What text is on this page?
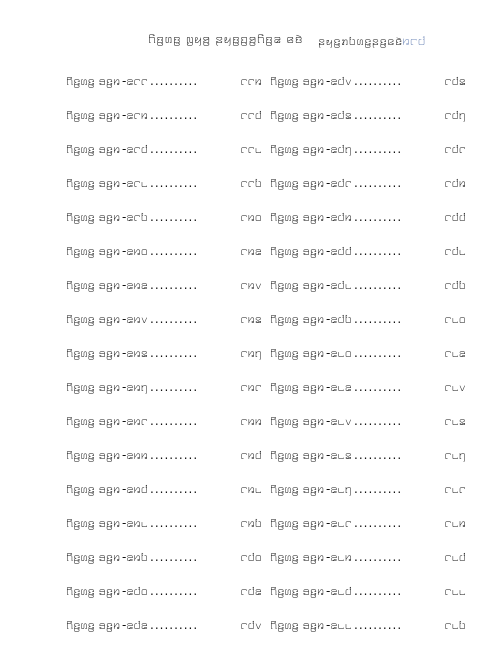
ꤖꤢ꤬ꤛꤢ꤭ ꤜꤟꤤ꤬ ꤔꤟꤢ꤭ꤑꤤ꤬ꤖꤢ꤬ꤘ ꤕꤢꤧ ꤔꤟꤢ꤭ꤊꤝꤛꤢ꤭ꤔꤢ꤬ꤕꤢꤧ ꤆꤅꤇
ꤖꤢ꤬ꤛꤢ꤭ ꤋꤢ꤬ꤙ -꤁꤅꤅ ..........	꤅꤅꤆
ꤖꤢ꤬ꤛꤢ꤭ ꤋꤢ꤬ꤙ -꤁꤅꤆ ..........	꤅꤅꤇
ꤖꤢ꤬ꤛꤢ꤭ ꤋꤢ꤬ꤙ -꤁꤅꤇ ..........	꤅꤅꤈
ꤖꤢ꤬ꤛꤢ꤭ ꤋꤢ꤬ꤙ -꤁꤅꤈ ..........	꤅꤅꤉
ꤖꤢ꤬ꤛꤢ꤭ ꤋꤢ꤬ꤙ -꤁꤅꤉ ..........	꤅꤆꤀
ꤖꤢ꤬ꤛꤢ꤭ ꤋꤢ꤬ꤙ -꤁꤆꤀ ..........	꤅꤆꤁
ꤖꤢ꤬ꤛꤢ꤭ ꤋꤢ꤬ꤙ -꤁꤆꤁ ..........	꤅꤆꤂
ꤖꤢ꤬ꤛꤢ꤭ ꤋꤢ꤬ꤙ -꤁꤆꤂ ..........	꤅꤆꤃
ꤖꤢ꤬ꤛꤢ꤭ ꤋꤢ꤬ꤙ -꤁꤆꤃ ..........	꤅꤆꤄
ꤖꤢ꤬ꤛꤢ꤭ ꤋꤢ꤬ꤙ -꤁꤆꤄ ..........	꤅꤆꤅
ꤖꤢ꤬ꤛꤢ꤭ ꤋꤢ꤬ꤙ -꤁꤆꤅ ..........	꤅꤆꤆
ꤖꤢ꤬ꤛꤢ꤭ ꤋꤢ꤬ꤙ -꤁꤆꤆ ..........	꤅꤆꤇
ꤖꤢ꤬ꤛꤢ꤭ ꤋꤢ꤬ꤙ -꤁꤆꤇ ..........	꤅꤆꤈
ꤖꤢ꤬ꤛꤢ꤭ ꤋꤢ꤬ꤙ -꤁꤆꤈ ..........	꤅꤆꤉
ꤖꤢ꤬ꤛꤢ꤭ ꤋꤢ꤬ꤙ -꤁꤆꤉ ..........	꤅꤇꤀
ꤖꤢ꤬ꤛꤢ꤭ ꤋꤢ꤬ꤙ -꤁꤇꤀ ..........	꤅꤇꤁
ꤖꤢ꤬ꤛꤢ꤭ ꤋꤢ꤬ꤙ -꤁꤇꤁ ..........	꤅꤇꤂
ꤖꤢ꤬ꤛꤢ꤭ ꤋꤢ꤬ꤙ -꤁꤇꤂ ..........	꤅꤇꤃
ꤖꤢ꤬ꤛꤢ꤭ ꤋꤢ꤬ꤙ -꤁꤇꤃ ..........	꤅꤇꤄
ꤖꤢ꤬ꤛꤢ꤭ ꤋꤢ꤬ꤙ -꤁꤇꤄ ..........	꤅꤇꤅
ꤖꤢ꤬ꤛꤢ꤭ ꤋꤢ꤬ꤙ -꤁꤇꤅ ..........	꤅꤇꤆
ꤖꤢ꤬ꤛꤢ꤭ ꤋꤢ꤬ꤙ -꤁꤇꤆ ..........	꤅꤇꤇
ꤖꤢ꤬ꤛꤢ꤭ ꤋꤢ꤬ꤙ -꤁꤇꤇ ..........	꤅꤇꤈
ꤖꤢ꤬ꤛꤢ꤭ ꤋꤢ꤬ꤙ -꤁꤇꤈ ..........	꤅꤇꤉
ꤖꤢ꤬ꤛꤢ꤭ ꤋꤢ꤬ꤙ -꤁꤇꤉ ..........	꤅꤈꤀
ꤖꤢ꤬ꤛꤢ꤭ ꤋꤢ꤬ꤙ -꤁꤈꤀ ..........	꤅꤈꤁
ꤖꤢ꤬ꤛꤢ꤭ ꤋꤢ꤬ꤙ -꤁꤈꤁ ..........	꤅꤈꤂
ꤖꤢ꤬ꤛꤢ꤭ ꤋꤢ꤬ꤙ -꤁꤈꤂ ..........	꤅꤈꤃
ꤖꤢ꤬ꤛꤢ꤭ ꤋꤢ꤬ꤙ -꤁꤈꤃ ..........	꤅꤈꤄
ꤖꤢ꤬ꤛꤢ꤭ ꤋꤢ꤬ꤙ -꤁꤈꤄ ..........	꤅꤈꤅
ꤖꤢ꤬ꤛꤢ꤭ ꤋꤢ꤬ꤙ -꤁꤈꤅ ..........	꤅꤈꤆
ꤖꤢ꤬ꤛꤢ꤭ ꤋꤢ꤬ꤙ -꤁꤈꤆ ..........	꤅꤈꤇
ꤖꤢ꤬ꤛꤢ꤭ ꤋꤢ꤬ꤙ -꤁꤈꤇ ..........	꤅꤈꤈
ꤖꤢ꤬ꤛꤢ꤭ ꤋꤢ꤬ꤙ -꤁꤈꤈ ..........	꤅꤈꤉
